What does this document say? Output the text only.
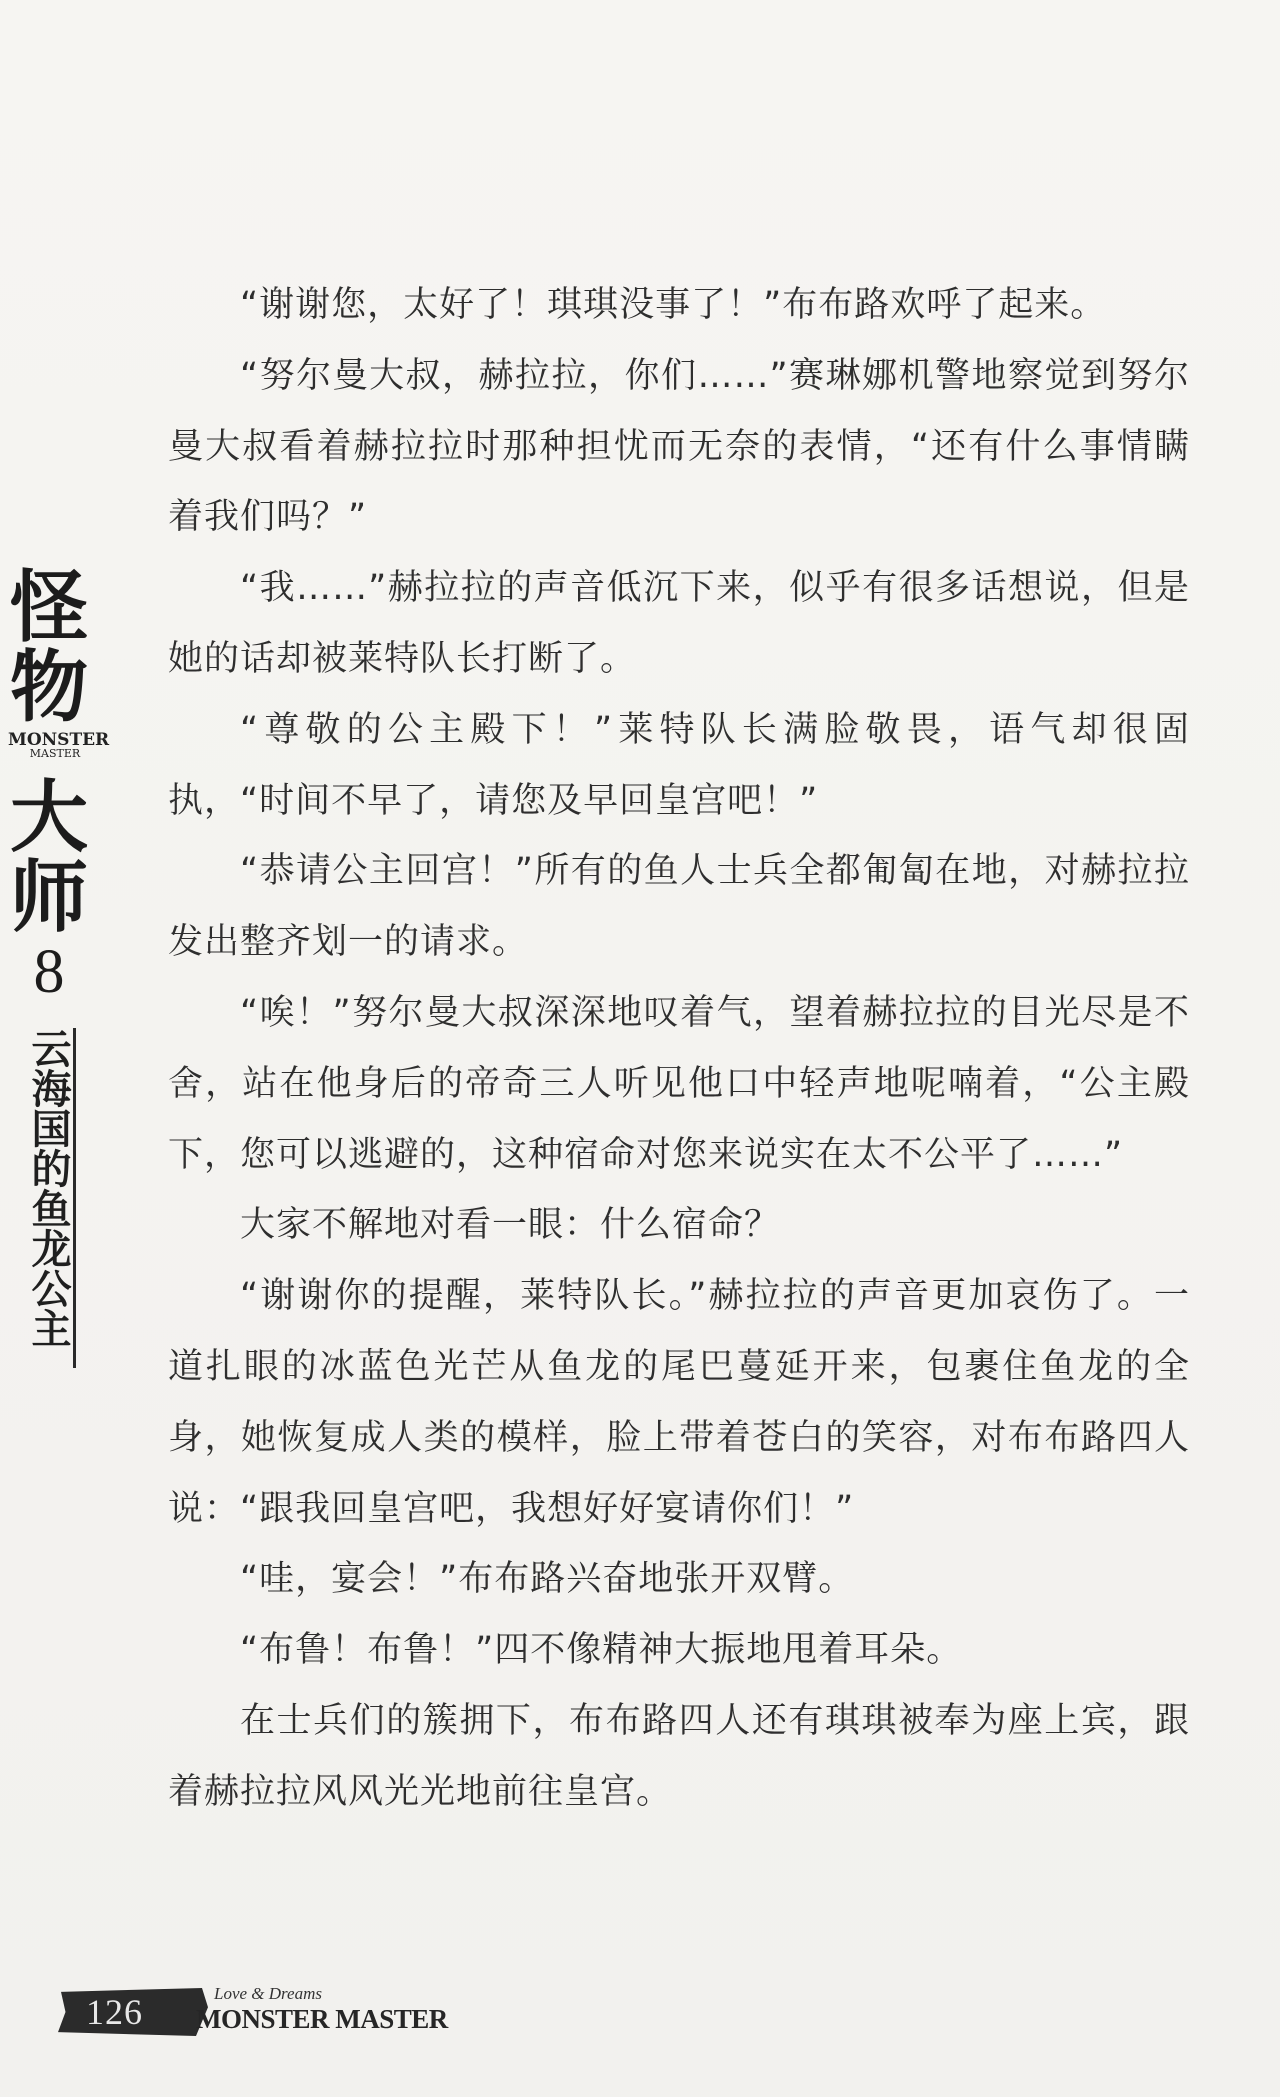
怪
物
MONSTER
MASTER
大
师
8
云海国的鱼龙公主

“谢谢您，太好了！琪琪没事了！”布布路欢呼了起来。

“努尔曼大叔，赫拉拉，你们……”赛琳娜机警地察觉到努尔曼大叔看着赫拉拉时那种担忧而无奈的表情，“还有什么事情瞒着我们吗？”

“我……”赫拉拉的声音低沉下来，似乎有很多话想说，但是她的话却被莱特队长打断了。

“尊敬的公主殿下！”莱特队长满脸敬畏，语气却很固执，“时间不早了，请您及早回皇宫吧！”

“恭请公主回宫！”所有的鱼人士兵全都匍匐在地，对赫拉拉发出整齐划一的请求。

“唉！”努尔曼大叔深深地叹着气，望着赫拉拉的目光尽是不舍，站在他身后的帝奇三人听见他口中轻声地呢喃着，“公主殿下，您可以逃避的，这种宿命对您来说实在太不公平了……”

大家不解地对看一眼：什么宿命？

“谢谢你的提醒，莱特队长。”赫拉拉的声音更加哀伤了。一道扎眼的冰蓝色光芒从鱼龙的尾巴蔓延开来，包裹住鱼龙的全身，她恢复成人类的模样，脸上带着苍白的笑容，对布布路四人说：“跟我回皇宫吧，我想好好宴请你们！”

“哇，宴会！”布布路兴奋地张开双臂。

“布鲁！布鲁！”四不像精神大振地甩着耳朵。

在士兵们的簇拥下，布布路四人还有琪琪被奉为座上宾，跟着赫拉拉风风光光地前往皇宫。

126	Love & Dreams
MONSTER MASTER
